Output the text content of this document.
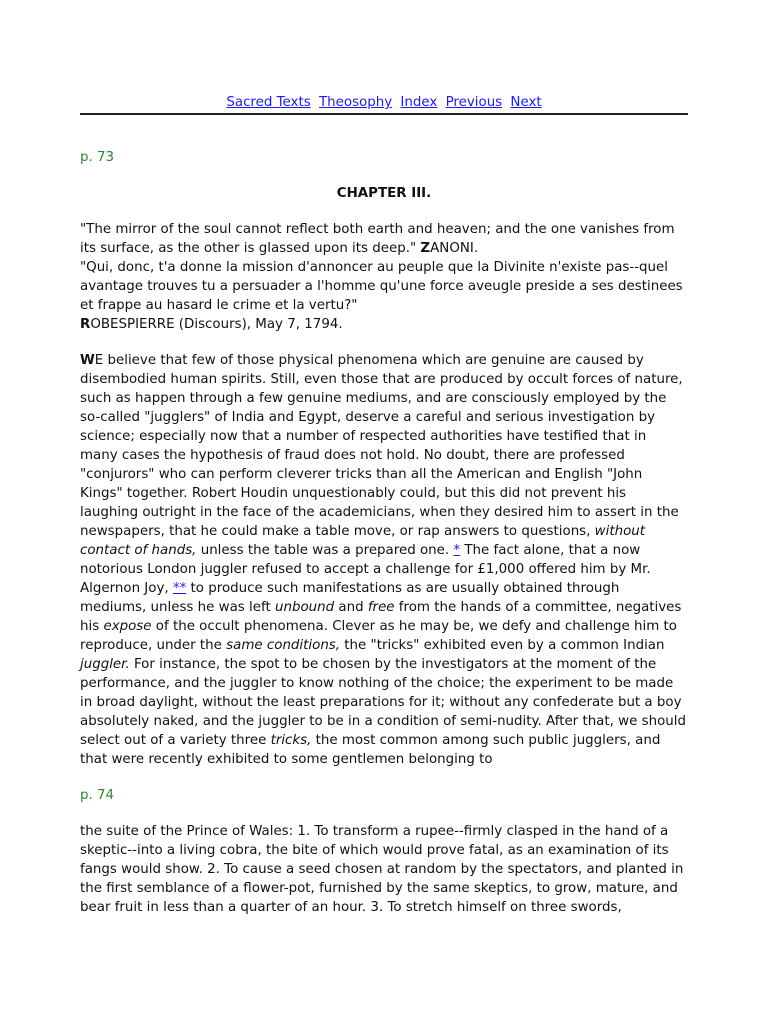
Sacred Texts Theosophy Index Previous Next

p. 73

CHAPTER III.

"The mirror of the soul cannot reflect both earth and heaven; and the one vanishes from its surface, as the other is glassed upon its deep." ZANONI.

"Qui, donc, t'a donne la mission d'annoncer au peuple que la Divinite n'existe pas--quel avantage trouves tu a persuader a l'homme qu'une force aveugle preside a ses destinees et frappe au hasard le crime et la vertu?"

ROBESPIERRE (Discours), May 7, 1794.

WE believe that few of those physical phenomena which are genuine are caused by disembodied human spirits. Still, even those that are produced by occult forces of nature, such as happen through a few genuine mediums, and are consciously employed by the so-called "jugglers" of India and Egypt, deserve a careful and serious investigation by science; especially now that a number of respected authorities have testified that in many cases the hypothesis of fraud does not hold. No doubt, there are professed "conjurors" who can perform cleverer tricks than all the American and English "John Kings" together. Robert Houdin unquestionably could, but this did not prevent his laughing outright in the face of the academicians, when they desired him to assert in the newspapers, that he could make a table move, or rap answers to questions, without contact of hands, unless the table was a prepared one. * The fact alone, that a now notorious London juggler refused to accept a challenge for £1,000 offered him by Mr. Algernon Joy, ** to produce such manifestations as are usually obtained through mediums, unless he was left unbound and free from the hands of a committee, negatives his expose of the occult phenomena. Clever as he may be, we defy and challenge him to reproduce, under the same conditions, the "tricks" exhibited even by a common Indian juggler. For instance, the spot to be chosen by the investigators at the moment of the performance, and the juggler to know nothing of the choice; the experiment to be made in broad daylight, without the least preparations for it; without any confederate but a boy absolutely naked, and the juggler to be in a condition of semi-nudity. After that, we should select out of a variety three tricks, the most common among such public jugglers, and that were recently exhibited to some gentlemen belonging to

p. 74

the suite of the Prince of Wales: 1. To transform a rupee--firmly clasped in the hand of a skeptic--into a living cobra, the bite of which would prove fatal, as an examination of its fangs would show. 2. To cause a seed chosen at random by the spectators, and planted in the first semblance of a flower-pot, furnished by the same skeptics, to grow, mature, and bear fruit in less than a quarter of an hour. 3. To stretch himself on three swords,
